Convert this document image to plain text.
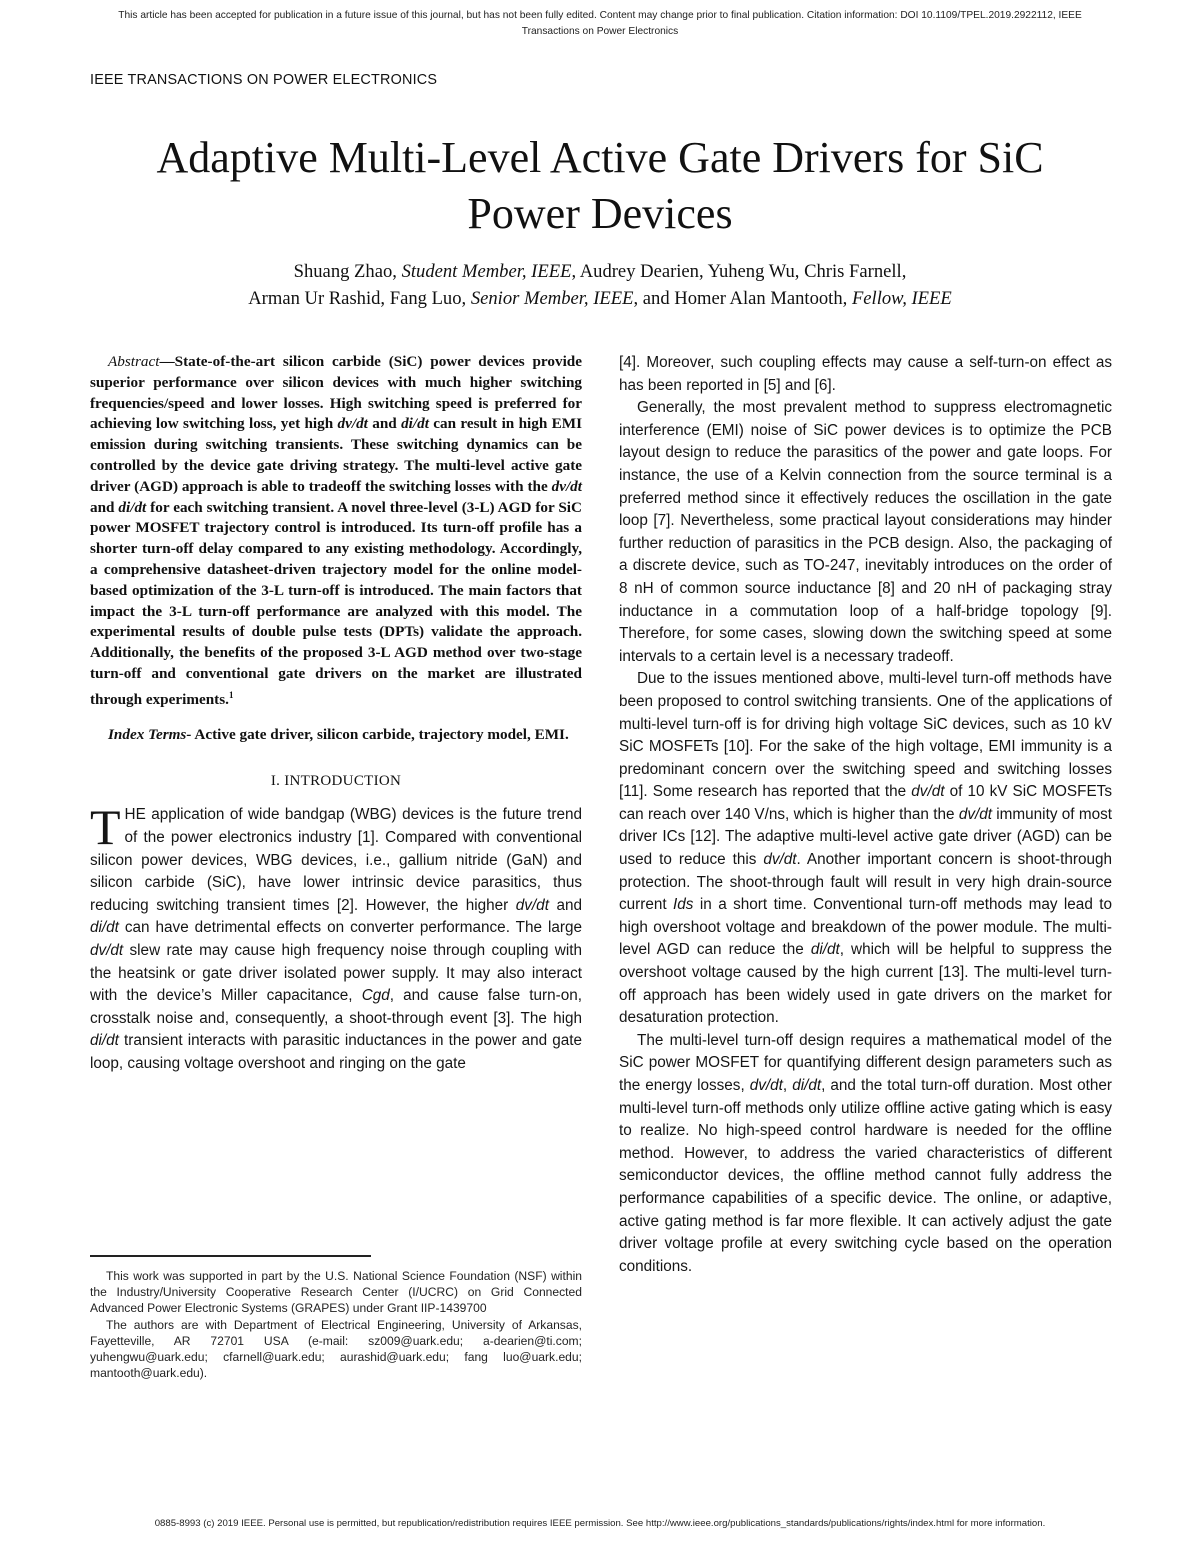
This article has been accepted for publication in a future issue of this journal, but has not been fully edited. Content may change prior to final publication. Citation information: DOI 10.1109/TPEL.2019.2922112, IEEE
Transactions on Power Electronics
IEEE TRANSACTIONS ON POWER ELECTRONICS
Adaptive Multi-Level Active Gate Drivers for SiC
Power Devices
Shuang Zhao, Student Member, IEEE, Audrey Dearien, Yuheng Wu, Chris Farnell,
Arman Ur Rashid, Fang Luo, Senior Member, IEEE, and Homer Alan Mantooth, Fellow, IEEE

Abstract—State-of-the-art silicon carbide (SiC) power devices provide superior performance over silicon devices with much higher switching frequencies/speed and lower losses. High switching speed is preferred for achieving low switching loss, yet high dv/dt and di/dt can result in high EMI emission during switching transients. These switching dynamics can be controlled by the device gate driving strategy. The multi-level active gate driver (AGD) approach is able to tradeoff the switching losses with the dv/dt and di/dt for each switching transient. A novel three-level (3-L) AGD for SiC power MOSFET trajectory control is introduced. Its turn-off profile has a shorter turn-off delay compared to any existing methodology. Accordingly, a comprehensive datasheet-driven trajectory model for the online model-based optimization of the 3-L turn-off is introduced. The main factors that impact the 3-L turn-off performance are analyzed with this model. The experimental results of double pulse tests (DPTs) validate the approach. Additionally, the benefits of the proposed 3-L AGD method over two-stage turn-off and conventional gate drivers on the market are illustrated through experiments.$^1$

Index Terms- Active gate driver, silicon carbide, trajectory model, EMI.

I. INTRODUCTION

THE application of wide bandgap (WBG) devices is the future trend of the power electronics industry [1]. Compared with conventional silicon power devices, WBG devices, i.e., gallium nitride (GaN) and silicon carbide (SiC), have lower intrinsic device parasitics, thus reducing switching transient times [2]. However, the higher dv/dt and di/dt can have detrimental effects on converter performance. The large dv/dt slew rate may cause high frequency noise through coupling with the heatsink or gate driver isolated power supply. It may also interact with the device’s Miller capacitance, Cgd, and cause false turn-on, crosstalk noise and, consequently, a shoot-through event [3]. The high di/dt transient interacts with parasitic inductances in the power and gate loop, causing voltage overshoot and ringing on the gate

This work was supported in part by the U.S. National Science Foundation (NSF) within the Industry/University Cooperative Research Center (I/UCRC) on Grid Connected Advanced Power Electronic Systems (GRAPES) under Grant IIP-1439700

The authors are with Department of Electrical Engineering, University of Arkansas, Fayetteville, AR 72701 USA (e-mail: sz009@uark.edu; a-dearien@ti.com; yuhengwu@uark.edu; cfarnell@uark.edu; aurashid@uark.edu; fang luo@uark.edu; mantooth@uark.edu).

[4]. Moreover, such coupling effects may cause a self-turn-on effect as has been reported in [5] and [6].

Generally, the most prevalent method to suppress electromagnetic interference (EMI) noise of SiC power devices is to optimize the PCB layout design to reduce the parasitics of the power and gate loops. For instance, the use of a Kelvin connection from the source terminal is a preferred method since it effectively reduces the oscillation in the gate loop [7]. Nevertheless, some practical layout considerations may hinder further reduction of parasitics in the PCB design. Also, the packaging of a discrete device, such as TO-247, inevitably introduces on the order of 8 nH of common source inductance [8] and 20 nH of packaging stray inductance in a commutation loop of a half-bridge topology [9]. Therefore, for some cases, slowing down the switching speed at some intervals to a certain level is a necessary tradeoff.

Due to the issues mentioned above, multi-level turn-off methods have been proposed to control switching transients. One of the applications of multi-level turn-off is for driving high voltage SiC devices, such as 10 kV SiC MOSFETs [10]. For the sake of the high voltage, EMI immunity is a predominant concern over the switching speed and switching losses [11]. Some research has reported that the dv/dt of 10 kV SiC MOSFETs can reach over 140 V/ns, which is higher than the dv/dt immunity of most driver ICs [12]. The adaptive multi-level active gate driver (AGD) can be used to reduce this dv/dt. Another important concern is shoot-through protection. The shoot-through fault will result in very high drain-source current Ids in a short time. Conventional turn-off methods may lead to high overshoot voltage and breakdown of the power module. The multi-level AGD can reduce the di/dt, which will be helpful to suppress the overshoot voltage caused by the high current [13]. The multi-level turn-off approach has been widely used in gate drivers on the market for desaturation protection.

The multi-level turn-off design requires a mathematical model of the SiC power MOSFET for quantifying different design parameters such as the energy losses, dv/dt, di/dt, and the total turn-off duration. Most other multi-level turn-off methods only utilize offline active gating which is easy to realize. No high-speed control hardware is needed for the offline method. However, to address the varied characteristics of different semiconductor devices, the offline method cannot fully address the performance capabilities of a specific device. The online, or adaptive, active gating method is far more flexible. It can actively adjust the gate driver voltage profile at every switching cycle based on the operation conditions.

0885-8993 (c) 2019 IEEE. Personal use is permitted, but republication/redistribution requires IEEE permission. See http://www.ieee.org/publications_standards/publications/rights/index.html for more information.
